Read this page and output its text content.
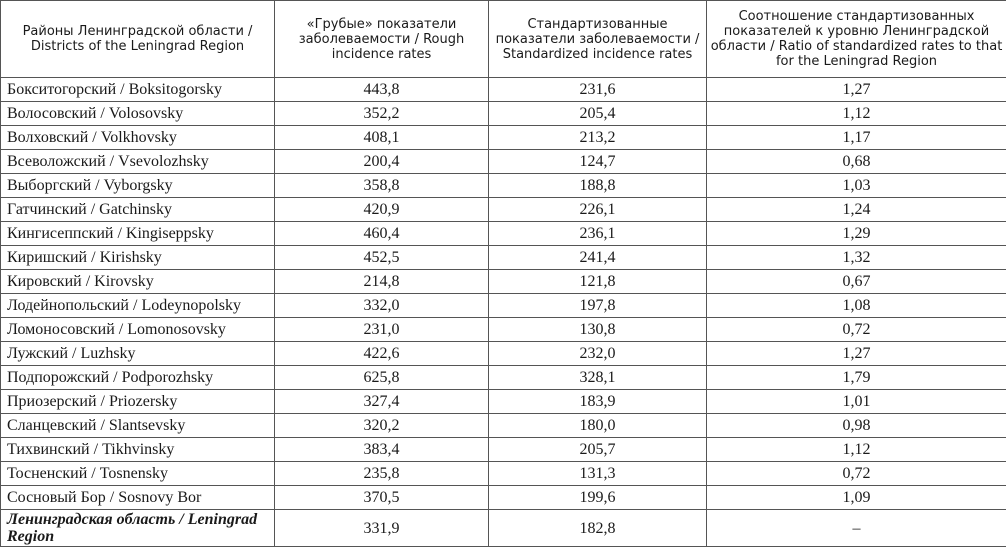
Районы Ленинградской области / Districts of the Leningrad Region	«Грубые» показатели заболеваемости / Rough incidence rates	Стандартизованные показатели заболеваемости / Standardized incidence rates	Соотношение стандартизованных показателей к уровню Ленинградской области / Ratio of standardized rates to that for the Leningrad Region
Бокситогорский / Boksitogorsky	443,8	231,6	1,27
Волосовский / Volosovsky	352,2	205,4	1,12
Волховский / Volkhovsky	408,1	213,2	1,17
Всеволожский / Vsevolozhsky	200,4	124,7	0,68
Выборгский / Vyborgsky	358,8	188,8	1,03
Гатчинский / Gatchinsky	420,9	226,1	1,24
Кингисеппский / Kingiseppsky	460,4	236,1	1,29
Киришский / Kirishsky	452,5	241,4	1,32
Кировский / Kirovsky	214,8	121,8	0,67
Лодейнопольский / Lodeynopolsky	332,0	197,8	1,08
Ломоносовский / Lomonosovsky	231,0	130,8	0,72
Лужский / Luzhsky	422,6	232,0	1,27
Подпорожский / Podporozhsky	625,8	328,1	1,79
Приозерский / Priozersky	327,4	183,9	1,01
Сланцевский / Slantsevsky	320,2	180,0	0,98
Тихвинский / Tikhvinsky	383,4	205,7	1,12
Тосненский / Tosnensky	235,8	131,3	0,72
Сосновый Бор / Sosnovy Bor	370,5	199,6	1,09
Ленинградская область / Leningrad Region	331,9	182,8	–
